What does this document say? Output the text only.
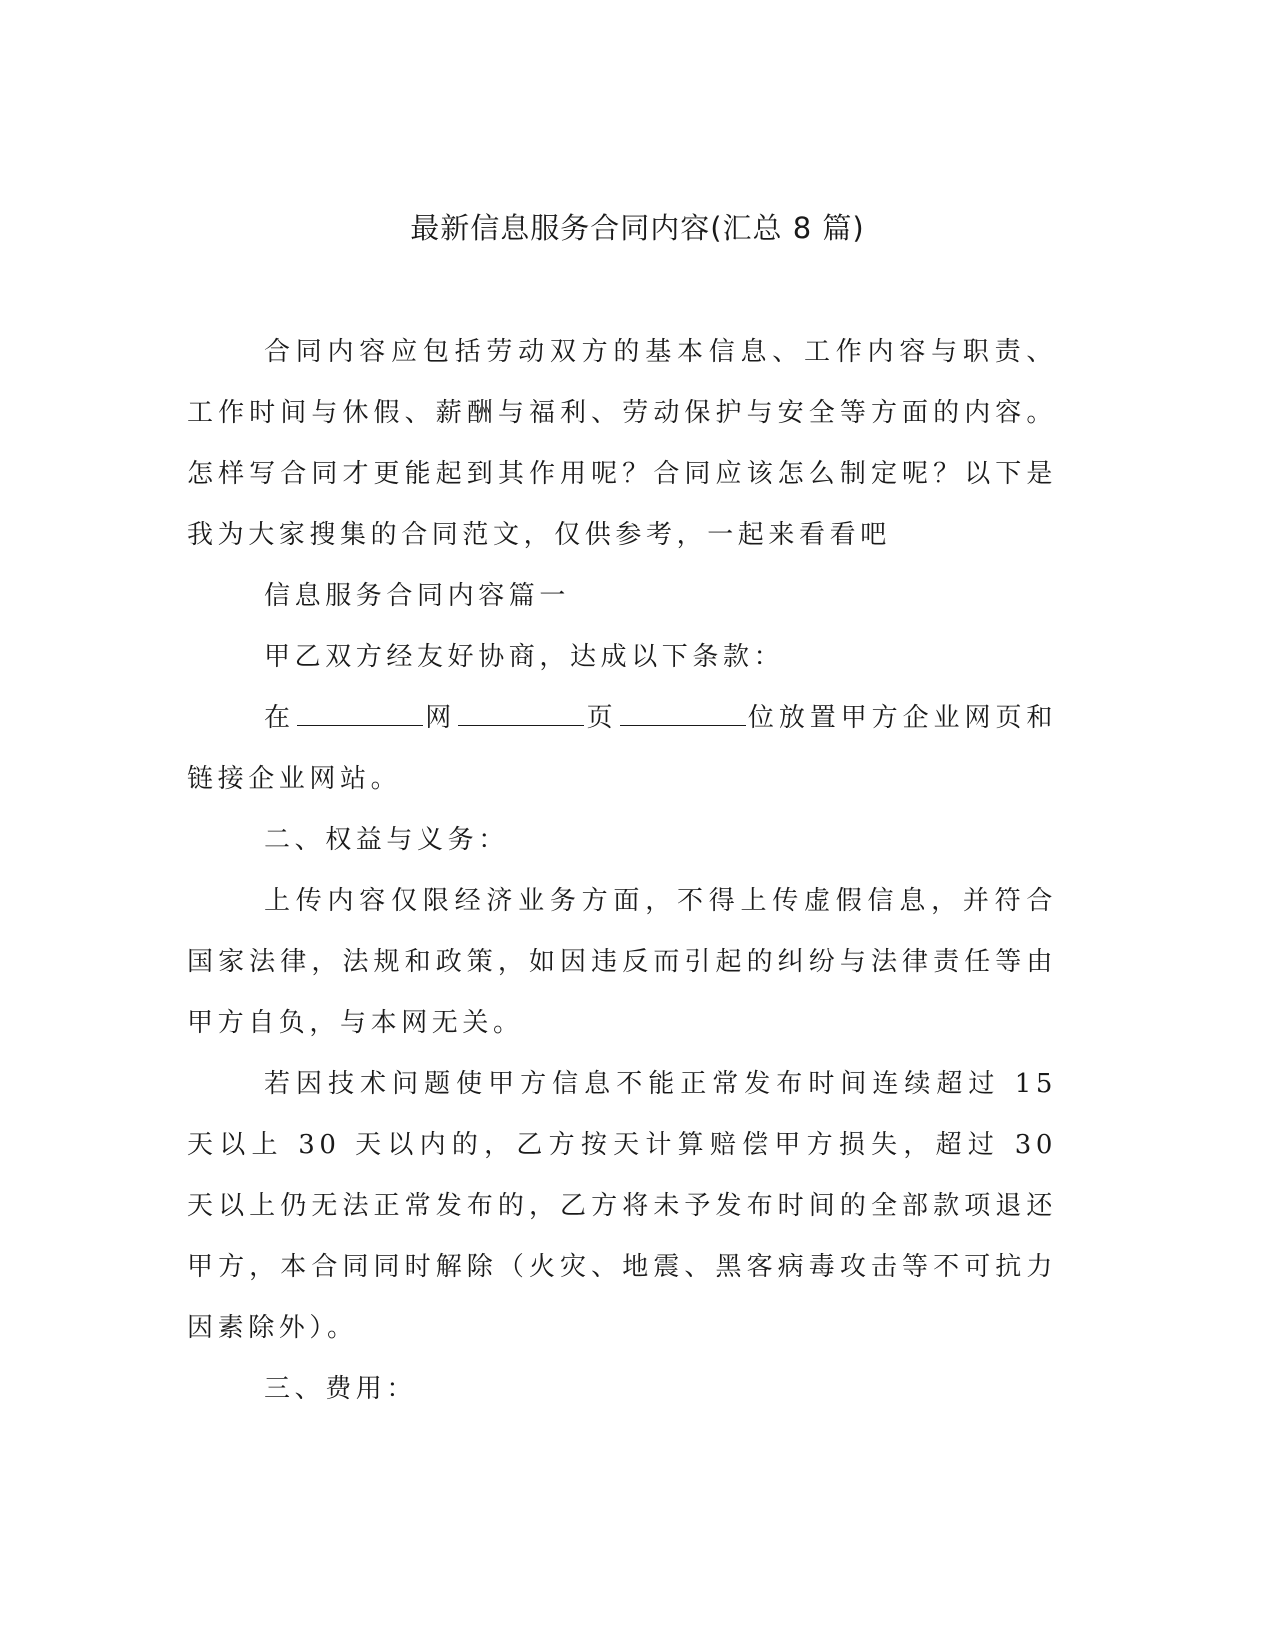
最新信息服务合同内容(汇总 8 篇)

合同内容应包括劳动双方的基本信息、工作内容与职责、工作时间与休假、薪酬与福利、劳动保护与安全等方面的内容。怎样写合同才更能起到其作用呢？合同应该怎么制定呢？以下是我为大家搜集的合同范文，仅供参考，一起来看看吧

信息服务合同内容篇一

甲乙双方经友好协商，达成以下条款：

在	网	页	位放置甲方企业网页和链接企业网站。

二、权益与义务：

上传内容仅限经济业务方面，不得上传虚假信息，并符合国家法律，法规和政策，如因违反而引起的纠纷与法律责任等由甲方自负，与本网无关。

若因技术问题使甲方信息不能正常发布时间连续超过 15 天以上 30 天以内的，乙方按天计算赔偿甲方损失，超过 30 天以上仍无法正常发布的，乙方将未予发布时间的全部款项退还甲方，本合同同时解除（火灾、地震、黑客病毒攻击等不可抗力因素除外）。

三、费用：
